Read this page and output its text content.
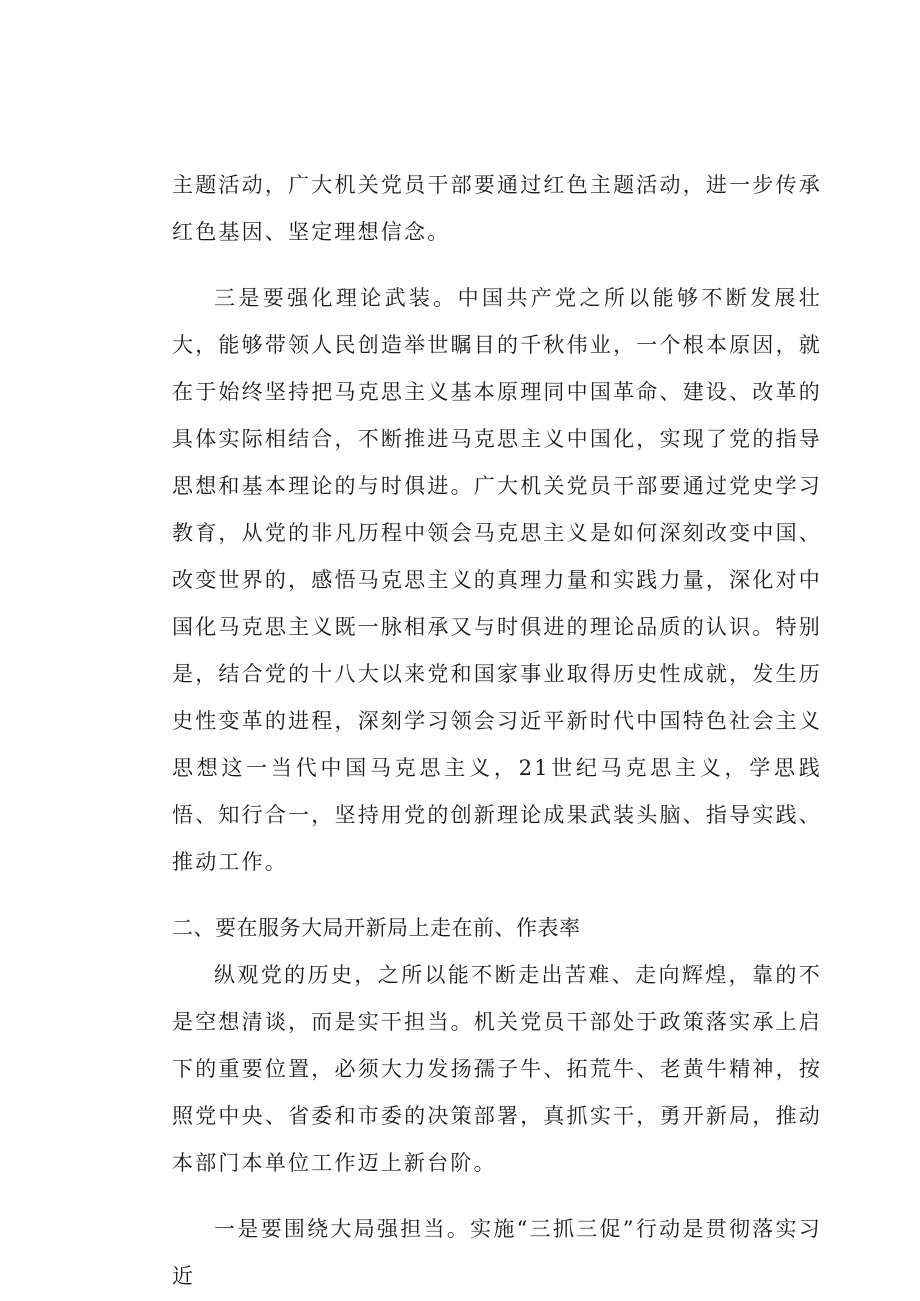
主题活动，广大机关党员干部要通过红色主题活动，进一步传承红色基因、坚定理想信念。

三是要强化理论武装。中国共产党之所以能够不断发展壮大，能够带领人民创造举世瞩目的千秋伟业，一个根本原因，就在于始终坚持把马克思主义基本原理同中国革命、建设、改革的具体实际相结合，不断推进马克思主义中国化，实现了党的指导思想和基本理论的与时俱进。广大机关党员干部要通过党史学习教育，从党的非凡历程中领会马克思主义是如何深刻改变中国、改变世界的，感悟马克思主义的真理力量和实践力量，深化对中国化马克思主义既一脉相承又与时俱进的理论品质的认识。特别是，结合党的十八大以来党和国家事业取得历史性成就，发生历史性变革的进程，深刻学习领会习近平新时代中国特色社会主义思想这一当代中国马克思主义，21世纪马克思主义，学思践悟、知行合一，坚持用党的创新理论成果武装头脑、指导实践、推动工作。

二、要在服务大局开新局上走在前、作表率

纵观党的历史，之所以能不断走出苦难、走向辉煌，靠的不是空想清谈，而是实干担当。机关党员干部处于政策落实承上启下的重要位置，必须大力发扬孺子牛、拓荒牛、老黄牛精神，按照党中央、省委和市委的决策部署，真抓实干，勇开新局，推动本部门本单位工作迈上新台阶。

一是要围绕大局强担当。实施“三抓三促”行动是贯彻落实习近
